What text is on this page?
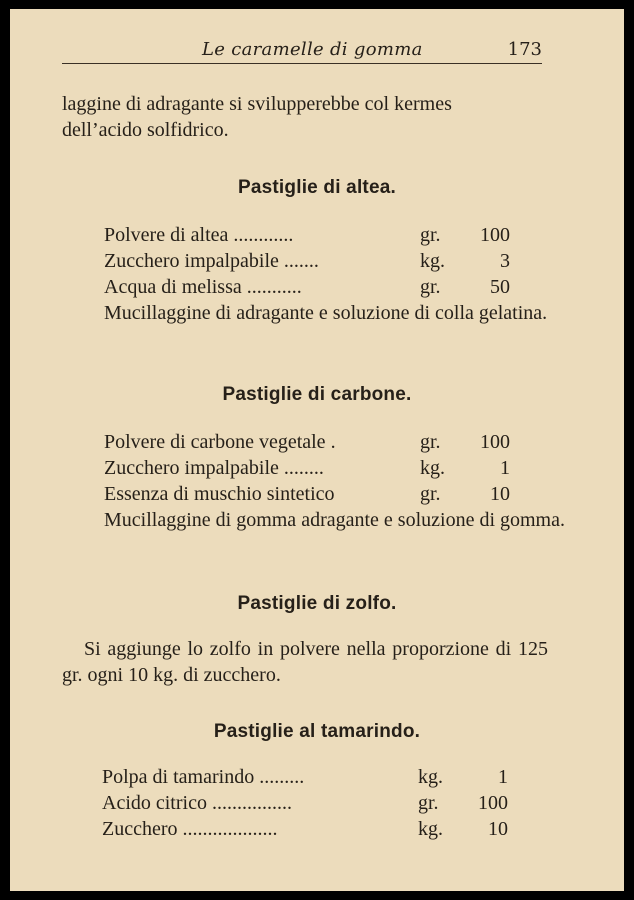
Le caramelle di gomma	173

laggine di adragante si svilupperebbe col kermes
dell’acido solfidrico.

Pastiglie di altea.
Polvere di altea ............	gr. 100
Zucchero impalpabile .......	kg.	3
Acqua di melissa ...........	gr. 50

Mucillaggine di adragante e soluzione di colla gelatina.

Pastiglie di carbone.
Polvere di carbone vegetale .	gr. 100
Zucchero impalpabile ........	kg.	1
Essenza di muschio sintetico	gr. 10

Mucillaggine di gomma adragante e soluzione di gomma.

Pastiglie di zolfo.

Si aggiunge lo zolfo in polvere nella proporzione di 125 gr. ogni 10 kg. di zucchero.

Pastiglie al tamarindo.
Polpa di tamarindo .........	kg.	1
Acido citrico ................	gr. 100
Zucchero ...................	kg. 10
